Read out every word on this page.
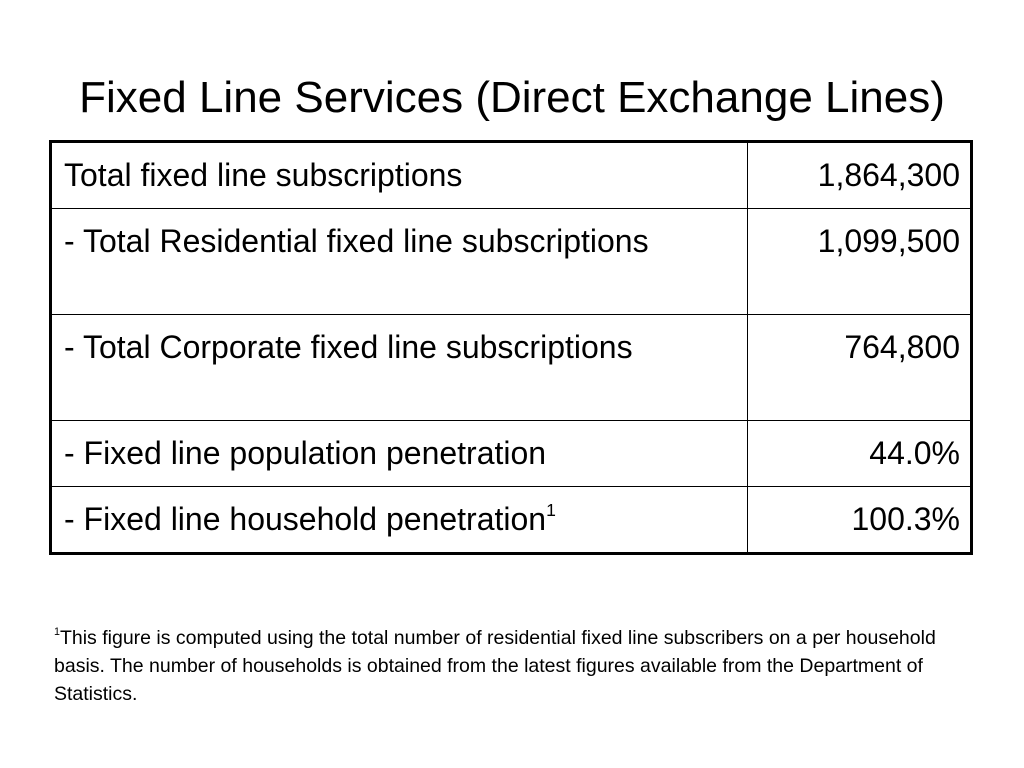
Fixed Line Services (Direct Exchange Lines)
Total fixed line subscriptions	1,864,300
- Total Residential fixed line subscriptions	1,099,500
- Total Corporate fixed line subscriptions	764,800
- Fixed line population penetration	44.0%
- Fixed line household penetration$^1$	100.3%

$^1$This figure is computed using the total number of residential fixed line subscribers on a per household basis. The number of households is obtained from the latest figures available from the Department of Statistics.
